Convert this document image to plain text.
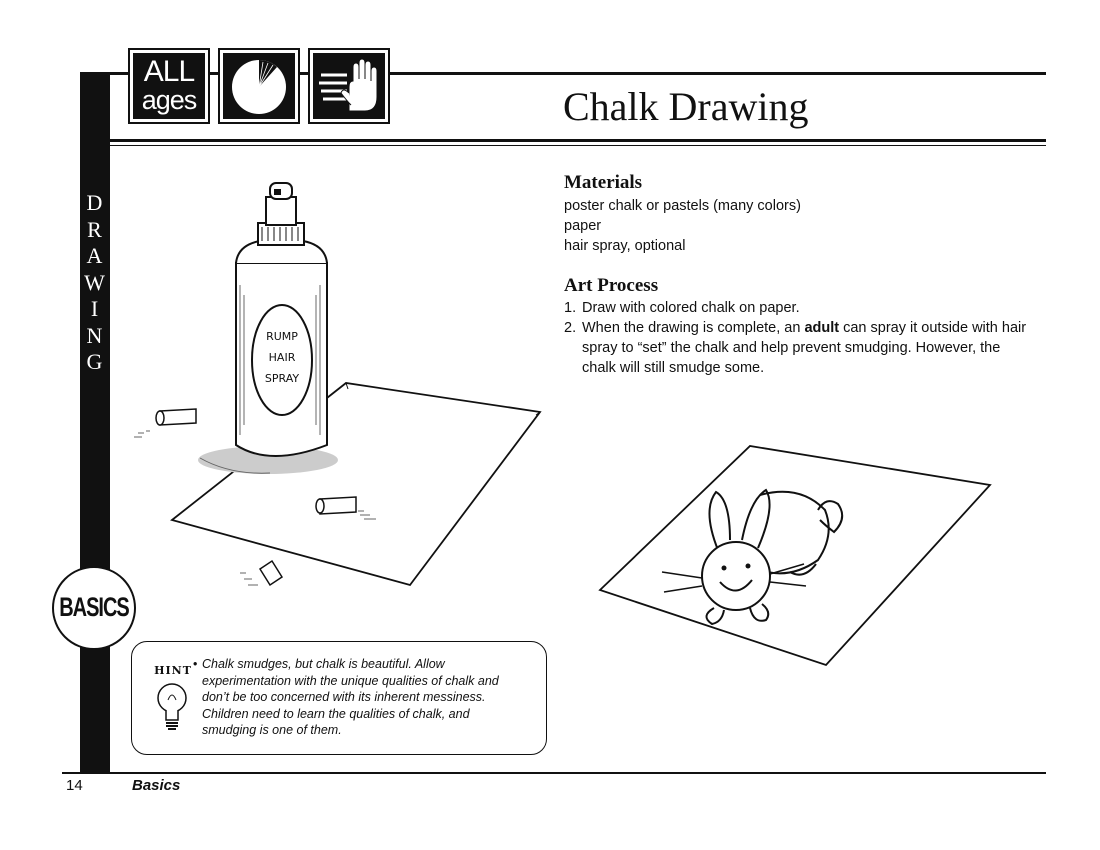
D
R
A
W
I
N
G
ALL
ages	Chalk Drawing
Materials
poster chalk or pastels (many colors)
paper
hair spray, optional
Art Process
1. Draw with colored chalk on paper.
2. When the drawing is complete, an adult can spray it outside with hair spray to “set” the chalk and help prevent smudging. However, the chalk will still smudge some.
RUMP
HAIR
SPRAY
BASICS
HINT • Chalk smudges, but chalk is beautiful. Allow experimentation with the unique qualities of chalk and don’t be too concerned with its inherent messiness. Children need to learn the qualities of chalk, and smudging is one of them.
14	Basics
